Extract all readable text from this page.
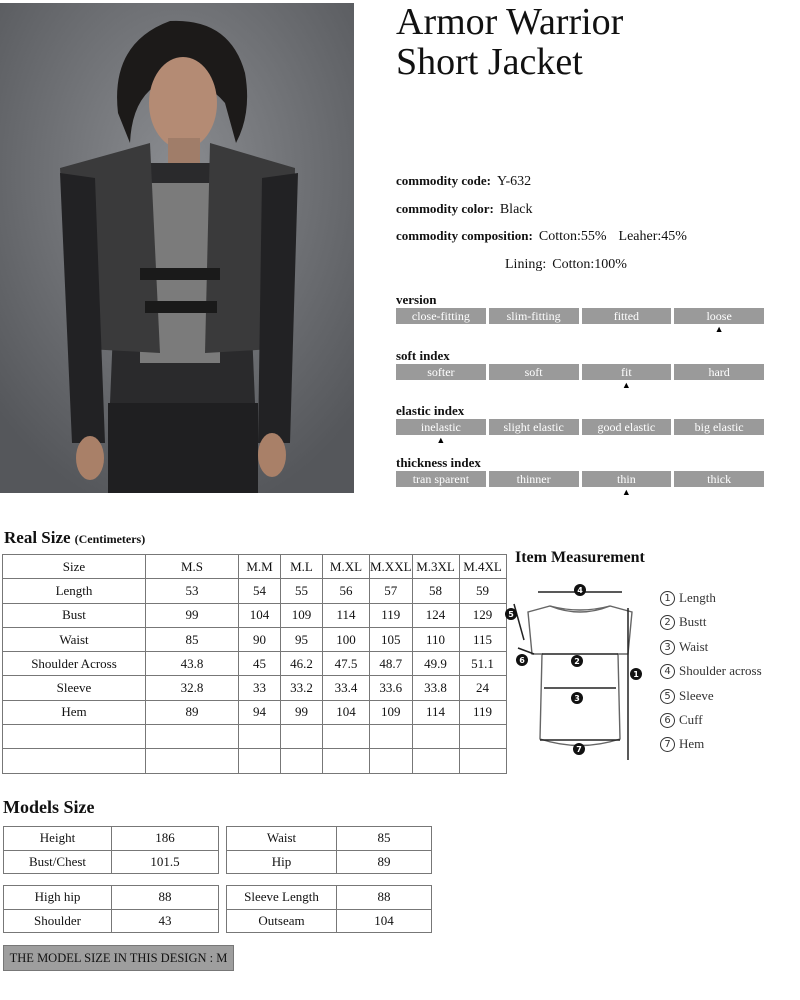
Armor Warrior
Short Jacket
commodity code: Y-632
commodity color: Black
commodity composition: Cotton:55% Leaher:45%
Lining: Cotton:100%
version
close-fitting	slim-fitting	fitted	loose
▲
soft index
softer	soft	fit	hard
▲
elastic index
inelastic	slight elastic	good elastic	big elastic
▲
thickness index
tran sparent	thinner	thin	thick
▲
Real Size (Centimeters)
Size	M.S	M.M	M.L	M.XL	M.XXL	M.3XL	M.4XL
Length	53	54	55	56	57	58	59
Bust	99	104	109	114	119	124	129
Waist	85	90	95	100	105	110	115
Shoulder Across	43.8	45	46.2	47.5	48.7	49.9	51.1
Sleeve	32.8	33	33.2	33.4	33.6	33.8	24
Hem	89	94	99	104	109	114	119

Item Measurement
4
2
3
7
1
5
6
1 Length
2 Bustt
3 Waist
4 Shoulder across
5 Sleeve
6 Cuff
7 Hem
Models Size
Height	186
Bust/Chest	101.5
Waist	85
Hip	89
High hip	88
Shoulder	43
Sleeve Length	88
Outseam	104
THE MODEL SIZE IN THIS DESIGN : M
